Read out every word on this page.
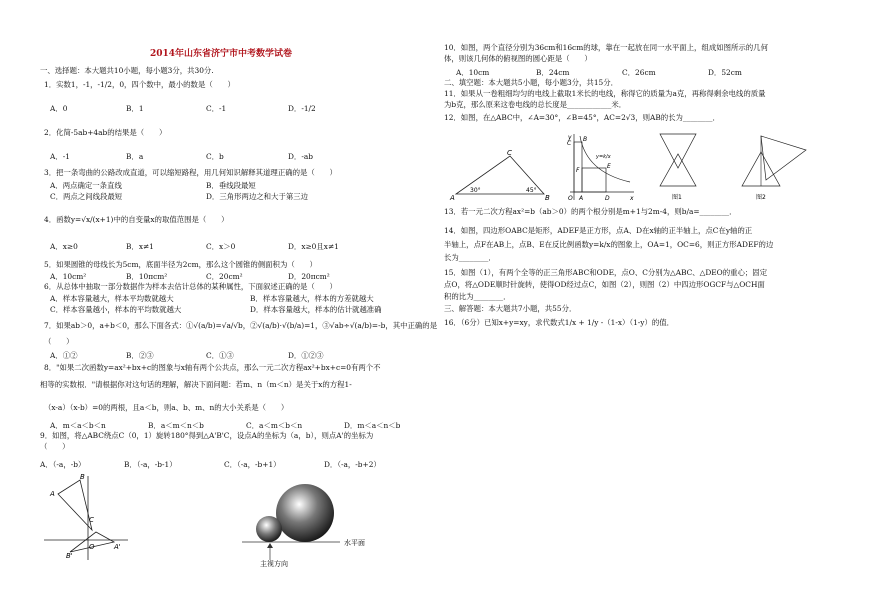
2014年山东省济宁市中考数学试卷
一、选择题：本大题共10小题，每小题3分，共30分.
1．实数1，-1，-1/2，0，四个数中，最小的数是（　　）
A．0	B．1	C．-1	D．-1/2
2．化简-5ab+4ab的结果是（　　）
A．-1	B．a	C．b	D．-ab
3．把一条弯曲的公路改成直道，可以缩短路程，用几何知识解释其道理正确的是（　　）
A．两点确定一条直线	B．垂线段最短
C．两点之间线段最短	D．三角形两边之和大于第三边
4．函数y=√x/(x+1)中的自变量x的取值范围是（　　）
A．x≥0	B．x≠1	C．x＞0	D．x≥0且x≠1
5．如果圆锥的母线长为5cm，底面半径为2cm，那么这个圆锥的侧面积为（　　）
A．10cm²	B．10πcm²	C．20cm²	D．20πcm²
6．从总体中抽取一部分数据作为样本去估计总体的某种属性，下面叙述正确的是（　　）
A．样本容量越大，样本平均数就越大	B．样本容量越大，样本的方差就越大
C．样本容量越小，样本的平均数就越大	D．样本容量越大，样本的估计就越准确
7．如果ab＞0，a+b＜0，那么下面各式：①√(a/b)=√a/√b，②√(a/b)·√(b/a)=1，③√ab÷√(a/b)=-b，其中正确的是
（　　）
A．①②	B．②③	C．①③	D．①②③
8．"如果二次函数y=ax²+bx+c的图象与x轴有两个公共点，那么一元二次方程ax²+bx+c=0有两个不
相等的实数根．"请根据你对这句话的理解，解决下面问题：若m、n（m＜n）是关于x的方程1-
（x-a）（x-b）=0的两根，且a＜b，则a、b、m、n的大小关系是（　　）
A．m＜a＜b＜n	B．a＜m＜n＜b	C．a＜m＜b＜n	D．m＜a＜n＜b
9．如图，将△ABC绕点C（0，1）旋转180°得到△A'B'C，设点A的坐标为（a，b），则点A'的坐标为
（　　）
A．（-a，-b）	B．（-a，-b-1）	C．（-a，-b+1）	D．（-a，-b+2）
A
B
C
B'
A'
O	水平面
主视方向
10．如图，两个直径分别为36cm和16cm的球，靠在一起放在同一水平面上，组成如图所示的几何
体，则该几何体的俯视图的圆心距是（　　）
A．10cm	B．24cm	C．26cm	D．52cm
二、填空题：本大题共5小题，每小题3分，共15分．
11．如果从一卷粗细均匀的电线上截取1米长的电线，称得它的质量为a克，再称得剩余电线的质量
为b克，那么原来这卷电线的总长度是____________米．
12．如图，在△ABC中，∠A=30°，∠B=45°，AC=2√3，则AB的长为________．
13．若一元二次方程ax²=b（ab＞0）的两个根分别是m+1与2m-4，则b/a=________．
14．如图，四边形OABC是矩形，ADEF是正方形，点A、D在x轴的正半轴上，点C在y轴的正
半轴上，点F在AB上，点B、E在反比例函数y=k/x的图象上，OA=1，OC=6，则正方形ADEF的边
长为________．
15．如图（1），有两个全等的正三角形ABC和ODE，点O、C分别为△ABC、△DEO的重心；固定
点O，将△ODE顺时针旋转，使得OD经过点C，如图（2），则图（2）中四边形OGCF与△OCH面
积的比为________．
三、解答题：本大题共7小题，共55分．
16．（6分）已知x+y=xy，求代数式1/x + 1/y -（1-x）（1-y）的值．
A	B
C
30°	45°
y
x
O
B
C
E
F
A	D
y=k/x
图1	图2
